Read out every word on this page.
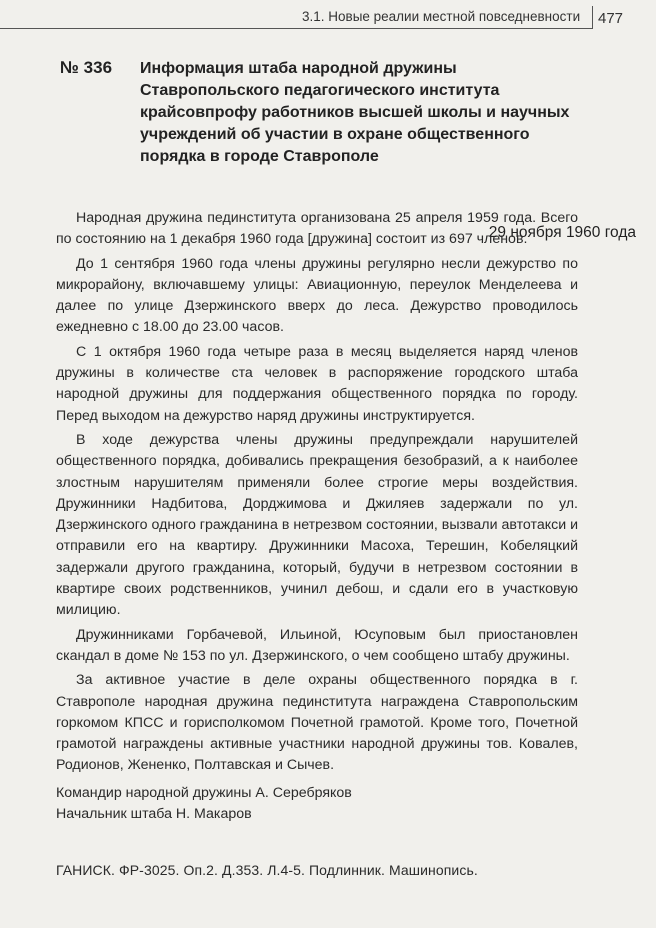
3.1. Новые реалии местной повседневности 477
№ 336 Информация штаба народной дружины Ставропольского педагогического института крайсовпрофу работников высшей школы и научных учреждений об участии в охране общественного порядка в городе Ставрополе
29 ноября 1960 года

Народная дружина пединститута организована 25 апреля 1959 года. Всего по состоянию на 1 декабря 1960 года [дружина] состоит из 697 членов.

До 1 сентября 1960 года члены дружины регулярно несли дежурство по микрорайону, включавшему улицы: Авиационную, переулок Менделеева и далее по улице Дзержинского вверх до леса. Дежурство проводилось ежедневно с 18.00 до 23.00 часов.

С 1 октября 1960 года четыре раза в месяц выделяется наряд членов дружины в количестве ста человек в распоряжение городского штаба народной дружины для поддержания общественного порядка по городу. Перед выходом на дежурство наряд дружины инструктируется.

В ходе дежурства члены дружины предупреждали нарушителей общественного порядка, добивались прекращения безобразий, а к наиболее злостным нарушителям применяли более строгие меры воздействия. Дружинники Надбитова, Дорджимова и Джиляев задержали по ул. Дзержинского одного гражданина в нетрезвом состоянии, вызвали автотакси и отправили его на квартиру. Дружинники Масоха, Терешин, Кобеляцкий задержали другого гражданина, который, будучи в нетрезвом состоянии в квартире своих родственников, учинил дебош, и сдали его в участковую милицию.

Дружинниками Горбачевой, Ильиной, Юсуповым был приостановлен скандал в доме № 153 по ул. Дзержинского, о чем сообщено штабу дружины.

За активное участие в деле охраны общественного порядка в г. Ставрополе народная дружина пединститута награждена Ставропольским горкомом КПСС и горисполкомом Почетной грамотой. Кроме того, Почетной грамотой награждены активные участники народной дружины тов. Ковалев, Родионов, Жененко, Полтавская и Сычев.

Командир народной дружины А. Серебряков

Начальник штаба Н. Макаров

ГАНИСК. ФР-3025. Оп.2. Д.353. Л.4-5. Подлинник. Машинопись.
